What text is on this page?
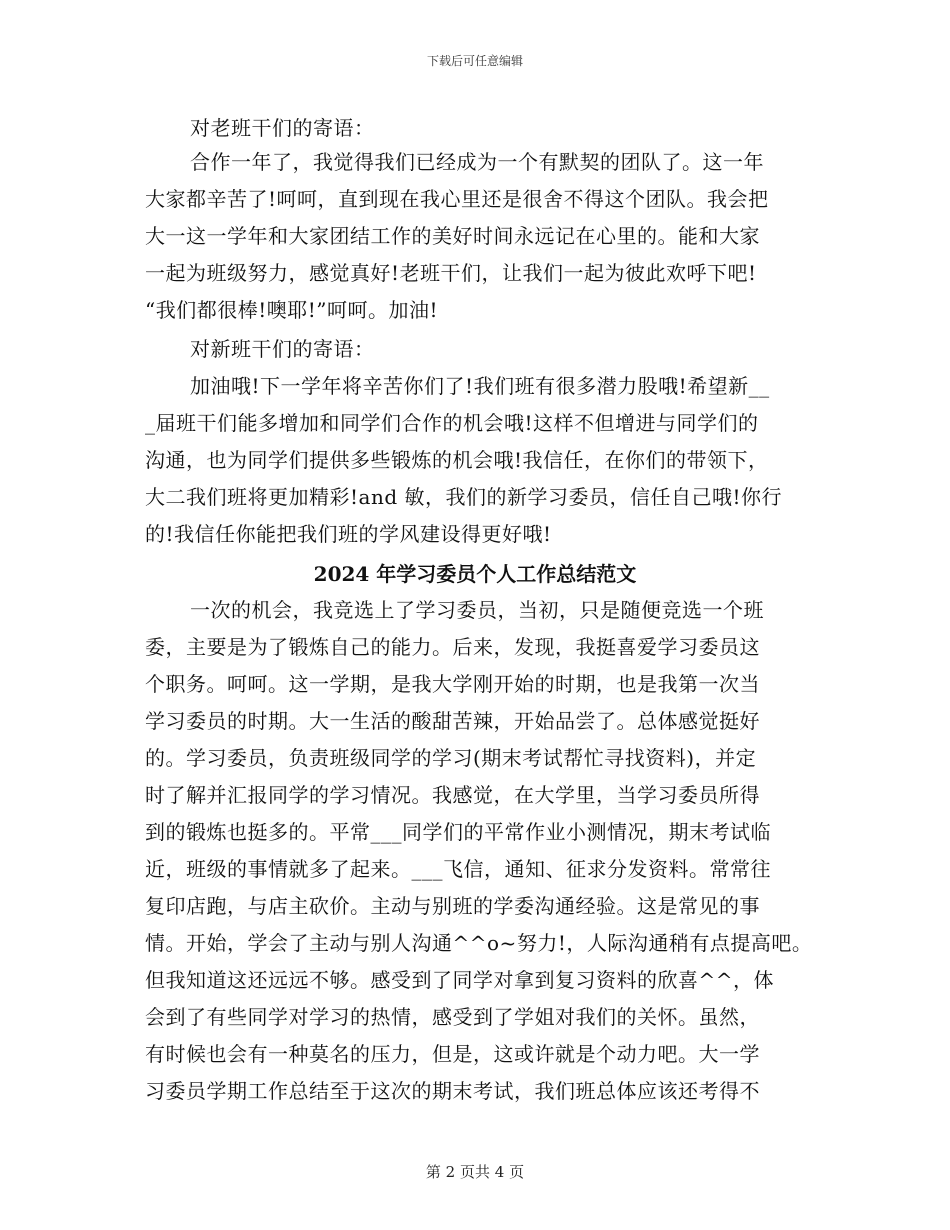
下载后可任意编辑
对老班干们的寄语：
合作一年了，我觉得我们已经成为一个有默契的团队了。这一年
大家都辛苦了!呵呵，直到现在我心里还是很舍不得这个团队。我会把
大一这一学年和大家团结工作的美好时间永远记在心里的。能和大家
一起为班级努力，感觉真好!老班干们，让我们一起为彼此欢呼下吧!
“我们都很棒!噢耶!”呵呵。加油!
对新班干们的寄语：
加油哦!下一学年将辛苦你们了!我们班有很多潜力股哦!希望新__
_届班干们能多增加和同学们合作的机会哦!这样不但增进与同学们的
沟通，也为同学们提供多些锻炼的机会哦!我信任，在你们的带领下，
大二我们班将更加精彩!and 敏，我们的新学习委员，信任自己哦!你行
的!我信任你能把我们班的学风建设得更好哦!
2024 年学习委员个人工作总结范文
一次的机会，我竞选上了学习委员，当初，只是随便竞选一个班
委，主要是为了锻炼自己的能力。后来，发现，我挺喜爱学习委员这
个职务。呵呵。这一学期，是我大学刚开始的时期，也是我第一次当
学习委员的时期。大一生活的酸甜苦辣，开始品尝了。总体感觉挺好
的。学习委员，负责班级同学的学习(期末考试帮忙寻找资料)，并定
时了解并汇报同学的学习情况。我感觉，在大学里，当学习委员所得
到的锻炼也挺多的。平常___同学们的平常作业小测情况，期末考试临
近，班级的事情就多了起来。___飞信，通知、征求分发资料。常常往
复印店跑，与店主砍价。主动与别班的学委沟通经验。这是常见的事
情。开始，学会了主动与别人沟通^^o~努力!，人际沟通稍有点提高吧。
但我知道这还远远不够。感受到了同学对拿到复习资料的欣喜^^，体
会到了有些同学对学习的热情，感受到了学姐对我们的关怀。虽然，
有时候也会有一种莫名的压力，但是，这或许就是个动力吧。大一学
习委员学期工作总结至于这次的期末考试，我们班总体应该还考得不
第 2 页共 4 页
